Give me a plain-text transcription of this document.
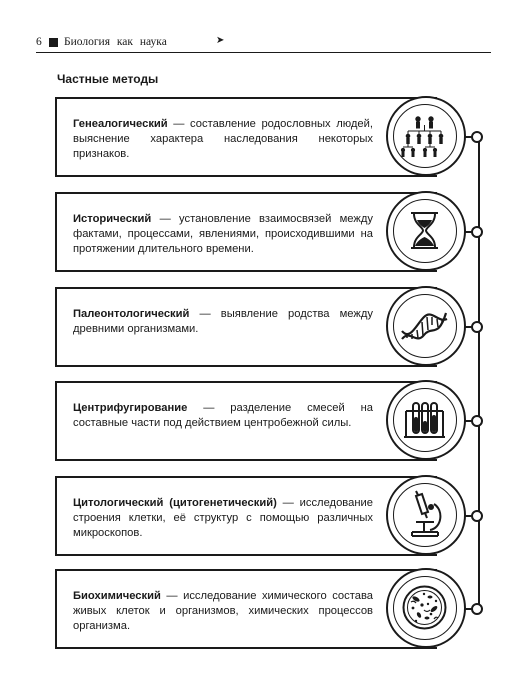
6 Биология как наука	➤
Частные методы
Генеалогический — составление родословных людей, выяснение характера наследования некоторых признаков.
Исторический — установление взаимосвязей между фактами, процессами, явлениями, происходившими на протяжении длительного времени.
Палеонтологический — выявление родства между древними организмами.
Центрифугирование — разделение смесей на составные части под действием центробежной силы.
Цитологический (цитогенетический) — исследование строения клетки, её структур с помощью различных микроскопов.
Биохимический — исследование химического состава живых клеток и организмов, химических процессов организма.
